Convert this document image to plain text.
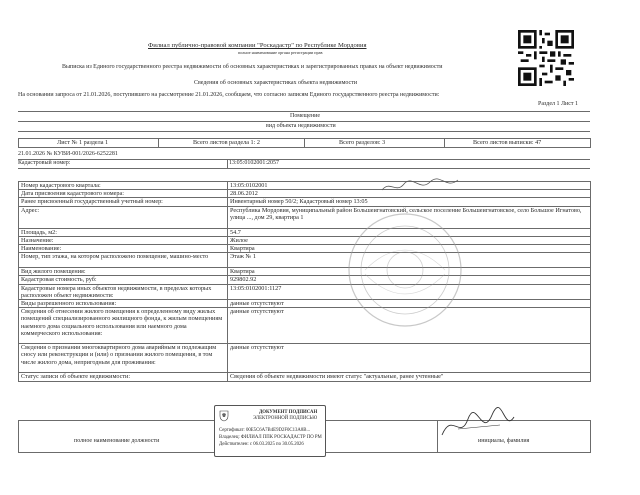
Филиал публично-правовой компании "Роскадастр" по Республике Мордовия
полное наименование органа регистрации прав
Выписка из Единого государственного реестра недвижимости об основных характеристиках и зарегистрированных правах на объект недвижимости
Сведения об основных характеристиках объекта недвижимости
На основании запроса от 21.01.2026, поступившего на рассмотрение 21.01.2026, сообщаем, что согласно записям Единого государственного реестра недвижимости:
Раздел 1 Лист 1
Помещение
вид объекта недвижимости
Лист № 1 раздела 1	Всего листов раздела 1: 2	Всего разделов: 3	Всего листов выписки: 47
21.01.2026 № КУВИ-001/2026-6252281
Кадастровый номер:	13:05:0102001:2057
Номер кадастрового квартала:	13:05:0102001
Дата присвоения кадастрового номера:	28.06.2012
Ранее присвоенный государственный учетный номер:	Инвентарный номер 50/2; Кадастровый номер 13:05
Адрес:	Республика Мордовия, муниципальный район Большеигнатовский, сельское поселение Большеигнатовское, село Большое Игнатово, улица ..., дом 29, квартира 1
Площадь, м2:	54.7
Назначение:	Жилое
Наименование:	Квартира
Номер, тип этажа, на котором расположено помещение, машино-место	Этаж № 1
Вид жилого помещения:	Квартира
Кадастровая стоимость, руб:	929802.92
Кадастровые номера иных объектов недвижимости, в пределах которых расположен объект недвижимости:	13:05:0102001:1127
Виды разрешенного использования:	данные отсутствуют
Сведения об отнесении жилого помещения к определенному виду жилых помещений специализированного жилищного фонда, к жилым помещениям наемного дома социального использования или наемного дома коммерческого использования:	данные отсутствуют
Сведения о признании многоквартирного дома аварийным и подлежащим сносу или реконструкции и (или) о признании жилого помещения, в том числе жилого дома, непригодным для проживания:	данные отсутствуют
Статус записи об объекте недвижимости:	Сведения об объекте недвижимости имеют статус "актуальные, ранее учтенные"

полное наименование должности	инициалы, фамилия
ДОКУМЕНТ ПОДПИСАН
ЭЛЕКТРОННОЙ ПОДПИСЬЮ
Сертификат: 00E5C6A7B4E9D2F0C13A8B...
Владелец: ФИЛИАЛ ППК РОСКАДАСТР ПО РМ
Действителен: с 06.03.2025 по 30.05.2026
